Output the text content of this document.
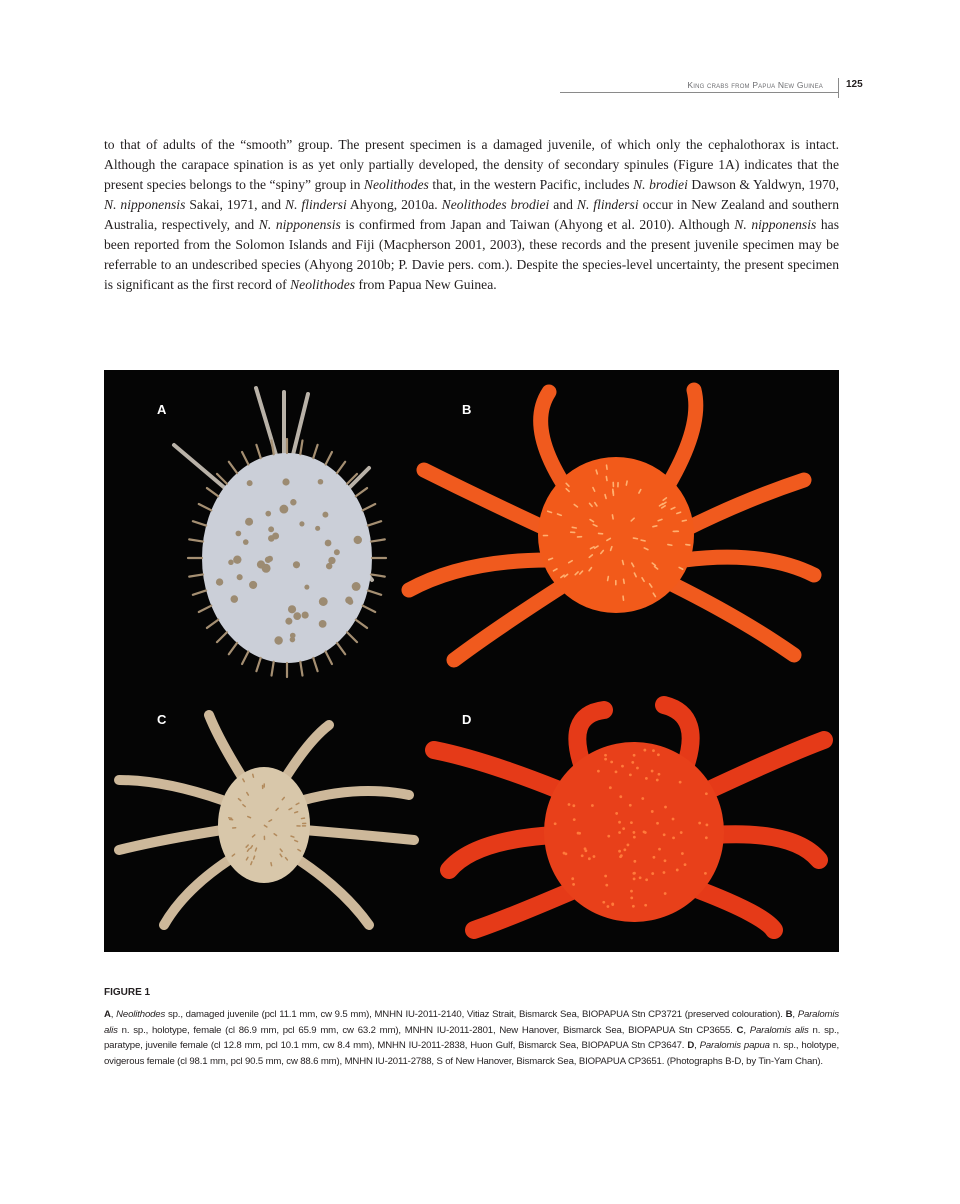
King crabs from Papua New Guinea 125

to that of adults of the “smooth” group. The present specimen is a damaged juvenile, of which only the cephalothorax is intact. Although the carapace spination is as yet only partially developed, the density of secondary spinules (Figure 1A) indicates that the present species belongs to the “spiny” group in Neolithodes that, in the western Pacific, includes N. brodiei Dawson & Yaldwyn, 1970, N. nipponensis Sakai, 1971, and N. flindersi Ahyong, 2010a. Neolithodes brodiei and N. flindersi occur in New Zealand and southern Australia, respectively, and N. nipponensis is confirmed from Japan and Taiwan (Ahyong et al. 2010). Although N. nipponensis has been reported from the Solomon Islands and Fiji (Macpherson 2001, 2003), these records and the present juvenile specimen may be referrable to an undescribed species (Ahyong 2010b; P. Davie pers. com.). Despite the species-level uncertainty, the present specimen is significant as the first record of Neolithodes from Papua New Guinea.

A	B
C	D
FIGURE 1

A, Neolithodes sp., damaged juvenile (pcl 11.1 mm, cw 9.5 mm), MNHN IU-2011-2140, Vitiaz Strait, Bismarck Sea, BIOPAPUA Stn CP3721 (preserved colouration). B, Paralomis alis n. sp., holotype, female (cl 86.9 mm, pcl 65.9 mm, cw 63.2 mm), MNHN IU-2011-2801, New Hanover, Bismarck Sea, BIOPAPUA Stn CP3655. C, Paralomis alis n. sp., paratype, juvenile female (cl 12.8 mm, pcl 10.1 mm, cw 8.4 mm), MNHN IU-2011-2838, Huon Gulf, Bismarck Sea, BIOPAPUA Stn CP3647. D, Paralomis papua n. sp., holotype, ovigerous female (cl 98.1 mm, pcl 90.5 mm, cw 88.6 mm), MNHN IU-2011-2788, S of New Hanover, Bismarck Sea, BIOPAPUA CP3651. (Photographs B-D, by Tin-Yam Chan).
